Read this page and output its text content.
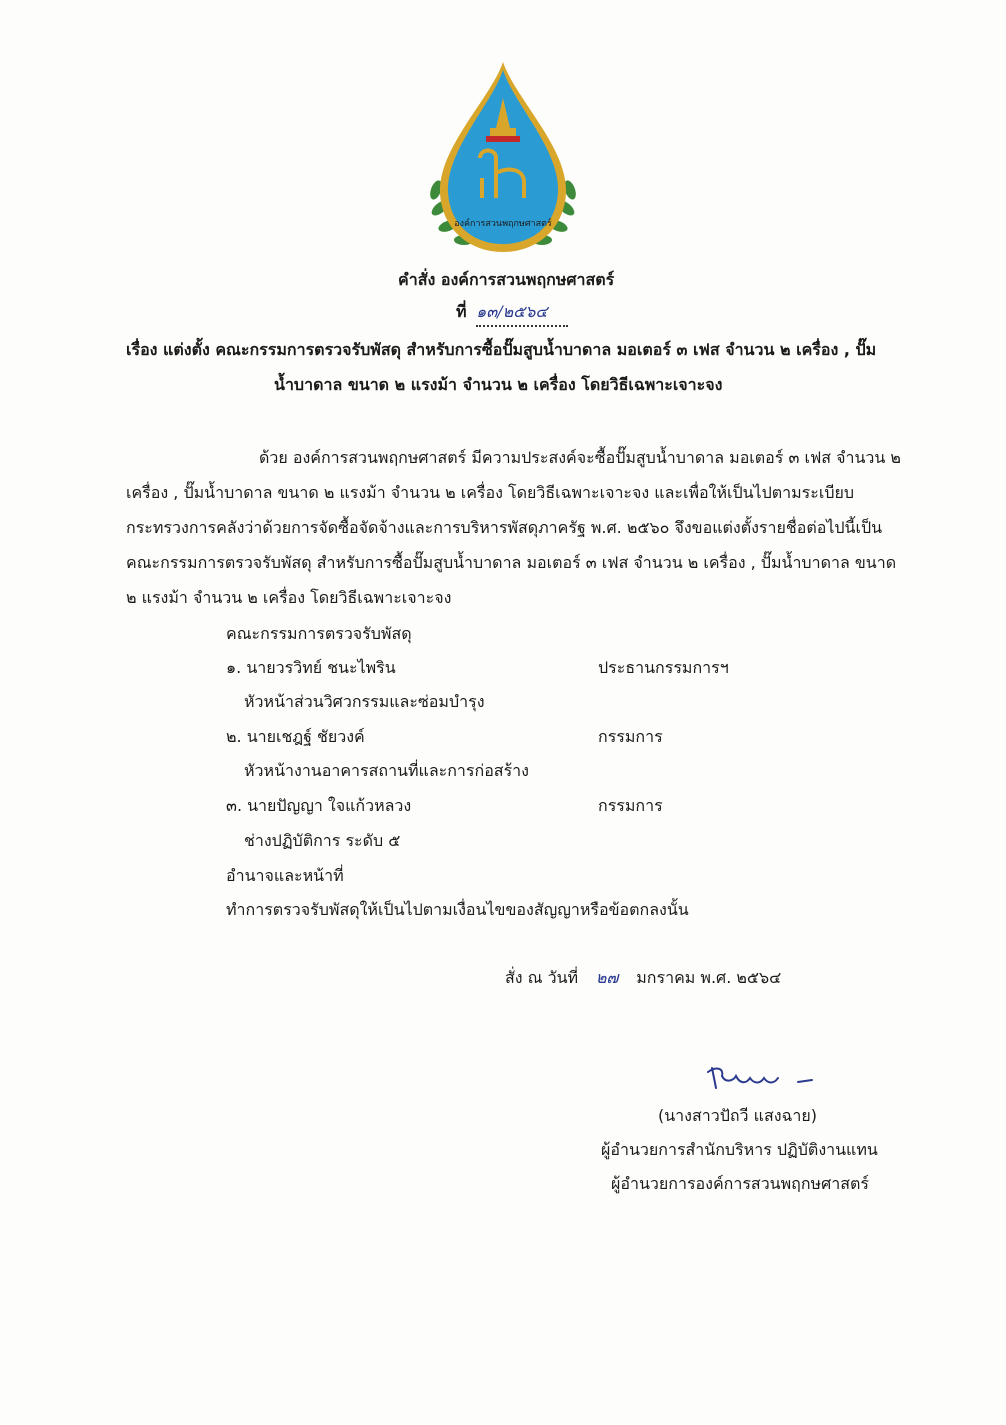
องค์การสวนพฤกษศาสตร์
คำสั่ง องค์การสวนพฤกษศาสตร์
ที่ ๑๓/๒๕๖๔
เรื่อง แต่งตั้ง คณะกรรมการตรวจรับพัสดุ สำหรับการซื้อปั๊มสูบน้ำบาดาล มอเตอร์ ๓ เฟส จำนวน ๒ เครื่อง , ปั๊ม
น้ำบาดาล ขนาด ๒ แรงม้า จำนวน ๒ เครื่อง โดยวิธีเฉพาะเจาะจง
ด้วย องค์การสวนพฤกษศาสตร์ มีความประสงค์จะซื้อปั๊มสูบน้ำบาดาล มอเตอร์ ๓ เฟส จำนวน ๒
เครื่อง , ปั๊มน้ำบาดาล ขนาด ๒ แรงม้า จำนวน ๒ เครื่อง โดยวิธีเฉพาะเจาะจง และเพื่อให้เป็นไปตามระเบียบ
กระทรวงการคลังว่าด้วยการจัดซื้อจัดจ้างและการบริหารพัสดุภาครัฐ พ.ศ. ๒๕๖๐ จึงขอแต่งตั้งรายชื่อต่อไปนี้เป็น
คณะกรรมการตรวจรับพัสดุ สำหรับการซื้อปั๊มสูบน้ำบาดาล มอเตอร์ ๓ เฟส จำนวน ๒ เครื่อง , ปั๊มน้ำบาดาล ขนาด
๒ แรงม้า จำนวน ๒ เครื่อง โดยวิธีเฉพาะเจาะจง
คณะกรรมการตรวจรับพัสดุ
๑. นายวรวิทย์ ชนะไพริน	ประธานกรรมการฯ
หัวหน้าส่วนวิศวกรรมและซ่อมบำรุง
๒. นายเชฎฐ์ ชัยวงค์	กรรมการ
หัวหน้างานอาคารสถานที่และการก่อสร้าง
๓. นายปัญญา ใจแก้วหลวง	กรรมการ
ช่างปฏิบัติการ ระดับ ๕
อำนาจและหน้าที่
ทำการตรวจรับพัสดุให้เป็นไปตามเงื่อนไขของสัญญาหรือข้อตกลงนั้น
สั่ง ณ วันที่ ๒๗ มกราคม พ.ศ. ๒๕๖๔
(นางสาวปัถวี แสงฉาย)
ผู้อำนวยการสำนักบริหาร ปฏิบัติงานแทน
ผู้อำนวยการองค์การสวนพฤกษศาสตร์
